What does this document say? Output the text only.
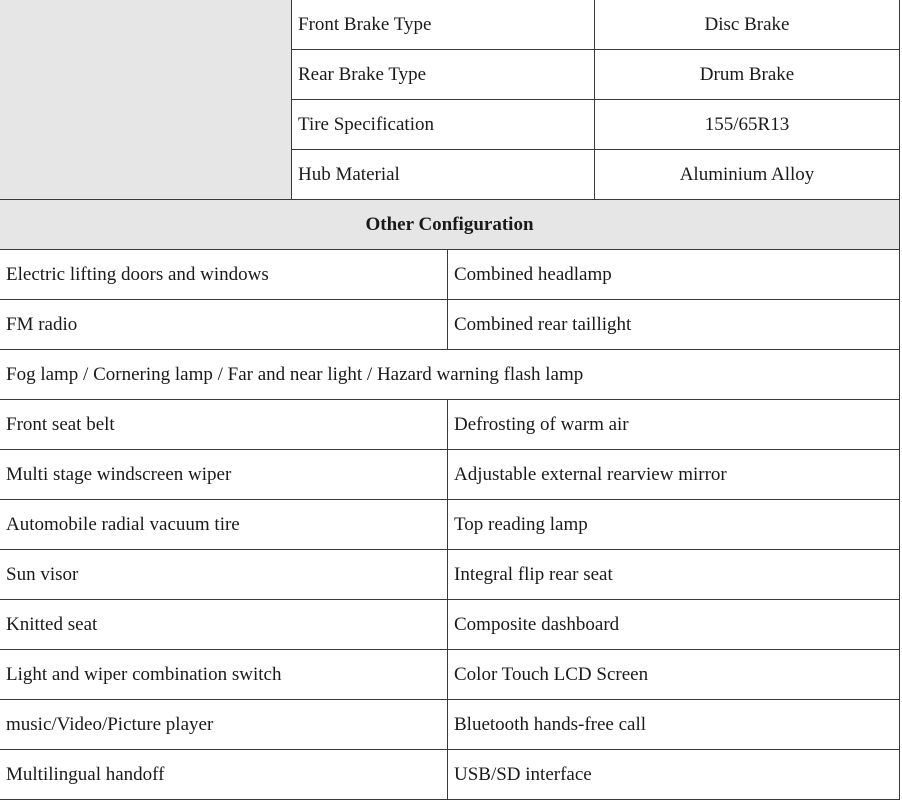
	Front Brake Type		Disc Brake
	Rear Brake Type		Drum Brake
	Tire Specification		155/65R13
	Hub Material		Aluminium Alloy
Other Configuration			
Electric lifting doors and windows		Combined headlamp	
FM radio		Combined rear taillight	
Fog lamp / Cornering lamp / Far and near light / Hazard warning flash lamp			
Front seat belt		Defrosting of warm air	
Multi stage windscreen wiper		Adjustable external rearview mirror	
Automobile radial vacuum tire		Top reading lamp	
Sun visor		Integral flip rear seat	
Knitted seat		Composite dashboard	
Light and wiper combination switch		Color Touch LCD Screen	
music/Video/Picture player		Bluetooth hands-free call	
Multilingual handoff		USB/SD interface	
